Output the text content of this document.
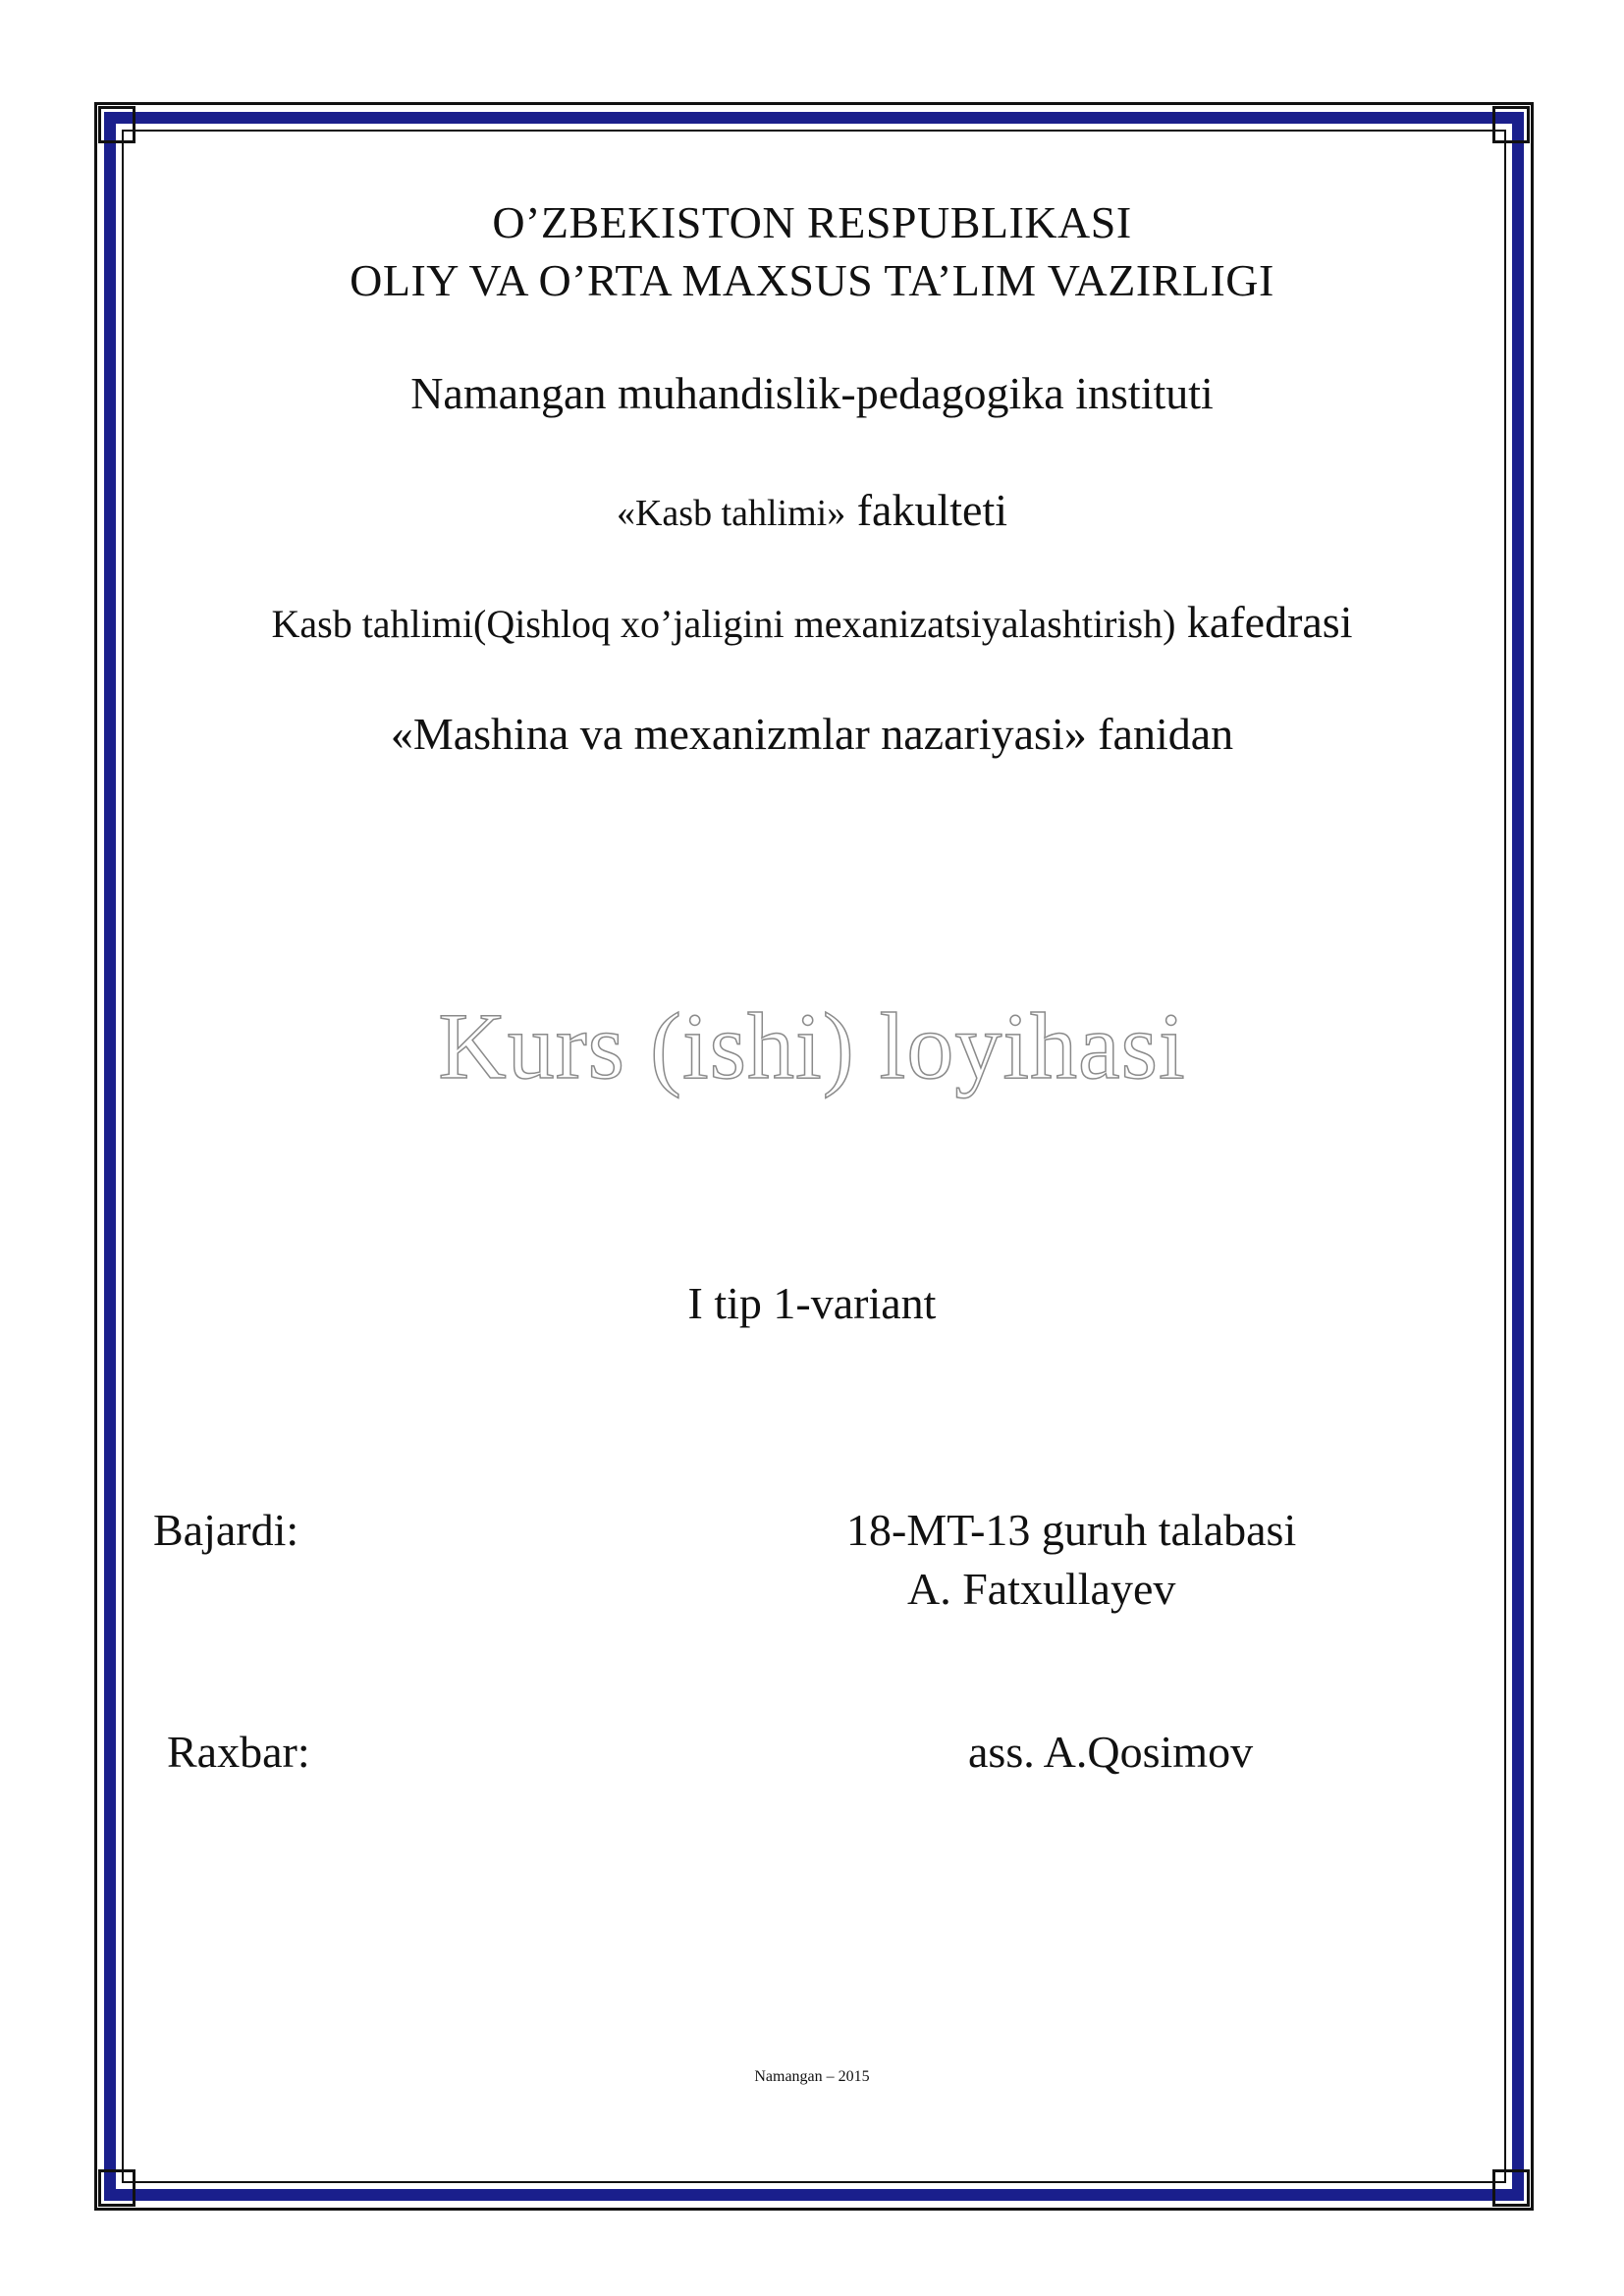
O’ZBEKISTON RESPUBLIKASI
OLIY VA O’RTA MAXSUS TA’LIM VAZIRLIGI
Namangan muhandislik-pedagogika instituti
«Kasb tahlimi» fakulteti
Kasb tahlimi(Qishloq xo’jaligini mexanizatsiyalashtirish) kafedrasi
«Mashina va mexanizmlar nazariyasi» fanidan
Kurs (ishi) loyihasi
I tip 1-variant
Bajardi:	18-MT-13 guruh talabasi
A. Fatxullayev
Raxbar:	ass. A.Qosimov
Namangan – 2015
